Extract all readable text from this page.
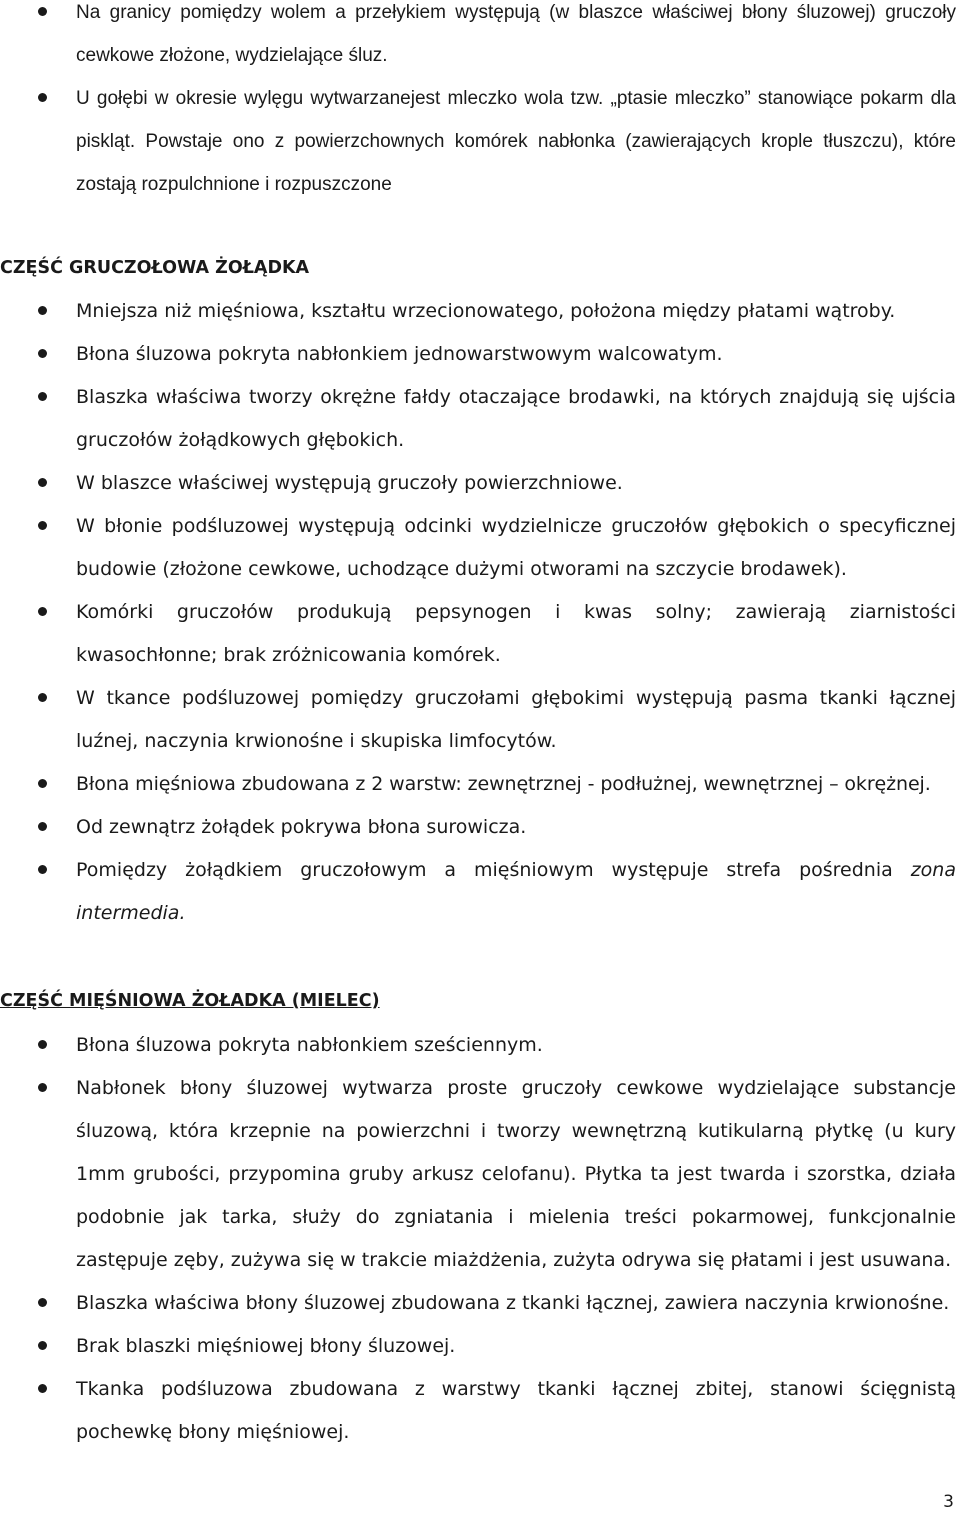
Na granicy pomiędzy wolem a przełykiem występują (w blaszce właściwej błony śluzowej) gruczoły cewkowe złożone, wydzielające śluz.
U gołębi w okresie wylęgu wytwarzanejest mleczko wola tzw. „ptasie mleczko” stanowiące pokarm dla piskląt. Powstaje ono z powierzchownych komórek nabłonka (zawierających krople tłuszczu), które zostają rozpulchnione i rozpuszczone
CZĘŚĆ GRUCZOŁOWA ŻOŁĄDKA
Mniejsza niż mięśniowa, kształtu wrzecionowatego, położona między płatami wątroby.
Błona śluzowa pokryta nabłonkiem jednowarstwowym walcowatym.
Blaszka właściwa tworzy okrężne fałdy otaczające brodawki, na których znajdują się ujścia gruczołów żołądkowych głębokich.
W blaszce właściwej występują gruczoły powierzchniowe.
W błonie podśluzowej występują odcinki wydzielnicze gruczołów głębokich o specyficznej budowie (złożone cewkowe, uchodzące dużymi otworami na szczycie brodawek).
Komórki gruczołów produkują pepsynogen i kwas solny; zawierają ziarnistości kwasochłonne; brak zróżnicowania komórek.
W tkance podśluzowej pomiędzy gruczołami głębokimi występują pasma tkanki łącznej luźnej, naczynia krwionośne i skupiska limfocytów.
Błona mięśniowa zbudowana z 2 warstw: zewnętrznej - podłużnej, wewnętrznej – okrężnej.
Od zewnątrz żołądek pokrywa błona surowicza.
Pomiędzy żołądkiem gruczołowym a mięśniowym występuje strefa pośrednia zona intermedia.
CZĘŚĆ MIĘŚNIOWA ŻOŁADKA (MIELEC)
Błona śluzowa pokryta nabłonkiem sześciennym.
Nabłonek błony śluzowej wytwarza proste gruczoły cewkowe wydzielające substancje śluzową, która krzepnie na powierzchni i tworzy wewnętrzną kutikularną płytkę (u kury 1mm grubości, przypomina gruby arkusz celofanu). Płytka ta jest twarda i szorstka, działa podobnie jak tarka, służy do zgniatania i mielenia treści pokarmowej, funkcjonalnie zastępuje zęby, zużywa się w trakcie miażdżenia, zużyta odrywa się płatami i jest usuwana.
Blaszka właściwa błony śluzowej zbudowana z tkanki łącznej, zawiera naczynia krwionośne.
Brak blaszki mięśniowej błony śluzowej.
Tkanka podśluzowa zbudowana z warstwy tkanki łącznej zbitej, stanowi ścięgnistą pochewkę błony mięśniowej.
3
